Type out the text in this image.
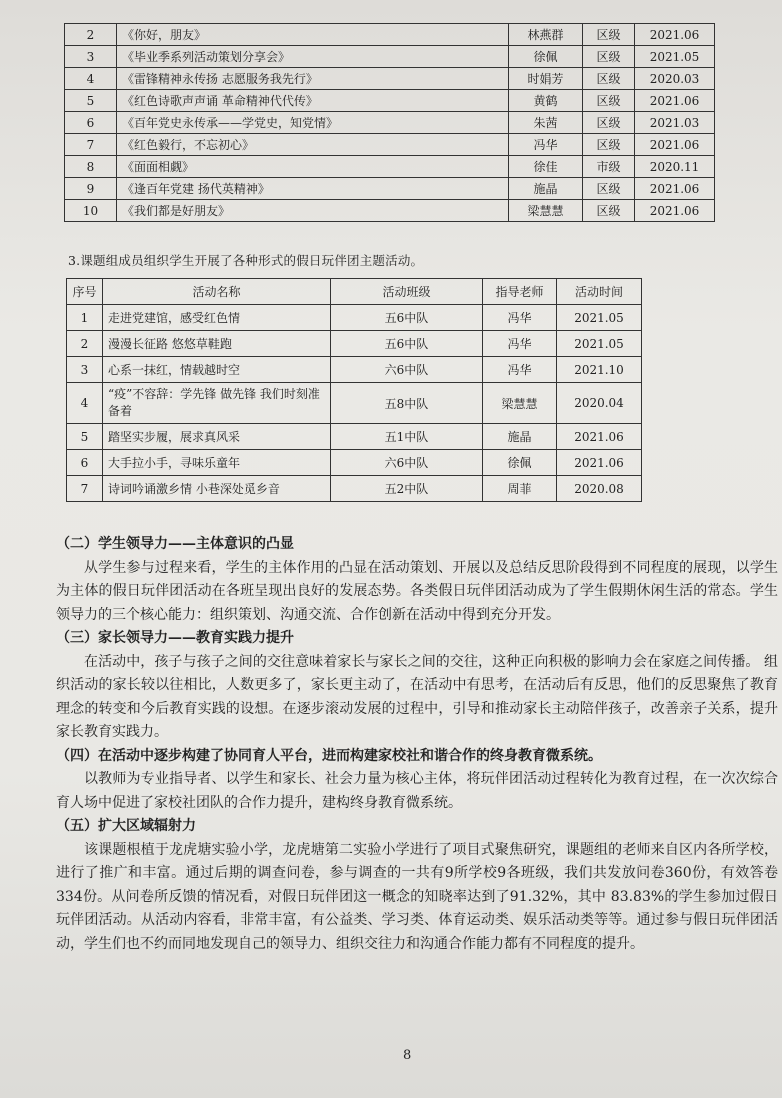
2	《你好，朋友》	林燕群	区级	2021.06
3	《毕业季系列活动策划分享会》	徐佩	区级	2021.05
4	《雷锋精神永传扬 志愿服务我先行》	时娟芳	区级	2020.03
5	《红色诗歌声声诵 革命精神代代传》	黄鹤	区级	2021.06
6	《百年党史永传承——学党史，知党情》	朱茜	区级	2021.03
7	《红色毅行，不忘初心》	冯华	区级	2021.06
8	《面面相觑》	徐佳	市级	2020.11
9	《逢百年党建 扬代英精神》	施晶	区级	2021.06
10	《我们都是好朋友》	梁慧慧	区级	2021.06
3.课题组成员组织学生开展了各种形式的假日玩伴团主题活动。
序号	活动名称	活动班级	指导老师	活动时间
1	走进党建馆，感受红色情	五6中队	冯华	2021.05
2	漫漫长征路 悠悠草鞋跑	五6中队	冯华	2021.05
3	心系一抹红，情载越时空	六6中队	冯华	2021.10
4	“疫”不容辞：学先锋 做先锋 我们时刻准备着	五8中队	梁慧慧	2020.04
5	踏坚实步履，展求真风采	五1中队	施晶	2021.06
6	大手拉小手，寻味乐童年	六6中队	徐佩	2021.06
7	诗词吟诵激乡情 小巷深处觅乡音	五2中队	周菲	2020.08
（二）学生领导力——主体意识的凸显

从学生参与过程来看，学生的主体作用的凸显在活动策划、开展以及总结反思阶段得到不同程度的展现，以学生为主体的假日玩伴团活动在各班呈现出良好的发展态势。各类假日玩伴团活动成为了学生假期休闲生活的常态。学生领导力的三个核心能力：组织策划、沟通交流、合作创新在活动中得到充分开发。

（三）家长领导力——教育实践力提升

在活动中，孩子与孩子之间的交往意味着家长与家长之间的交往，这种正向积极的影响力会在家庭之间传播。 组织活动的家长较以往相比，人数更多了，家长更主动了，在活动中有思考，在活动后有反思，他们的反思聚焦了教育理念的转变和今后教育实践的设想。在逐步滚动发展的过程中，引导和推动家长主动陪伴孩子，改善亲子关系，提升家长教育实践力。

（四）在活动中逐步构建了协同育人平台，进而构建家校社和谐合作的终身教育微系统。

以教师为专业指导者、以学生和家长、社会力量为核心主体，将玩伴团活动过程转化为教育过程，在一次次综合育人场中促进了家校社团队的合作力提升，建构终身教育微系统。

（五）扩大区域辐射力

该课题根植于龙虎塘实验小学，龙虎塘第二实验小学进行了项目式聚焦研究，课题组的老师来自区内各所学校，进行了推广和丰富。通过后期的调查问卷，参与调查的一共有9所学校9各班级，我们共发放问卷360份，有效答卷334份。从问卷所反馈的情况看，对假日玩伴团这一概念的知晓率达到了91.32%，其中 83.83%的学生参加过假日玩伴团活动。从活动内容看，非常丰富，有公益类、学习类、体育运动类、娱乐活动类等等。通过参与假日玩伴团活动，学生们也不约而同地发现自己的领导力、组织交往力和沟通合作能力都有不同程度的提升。

8
